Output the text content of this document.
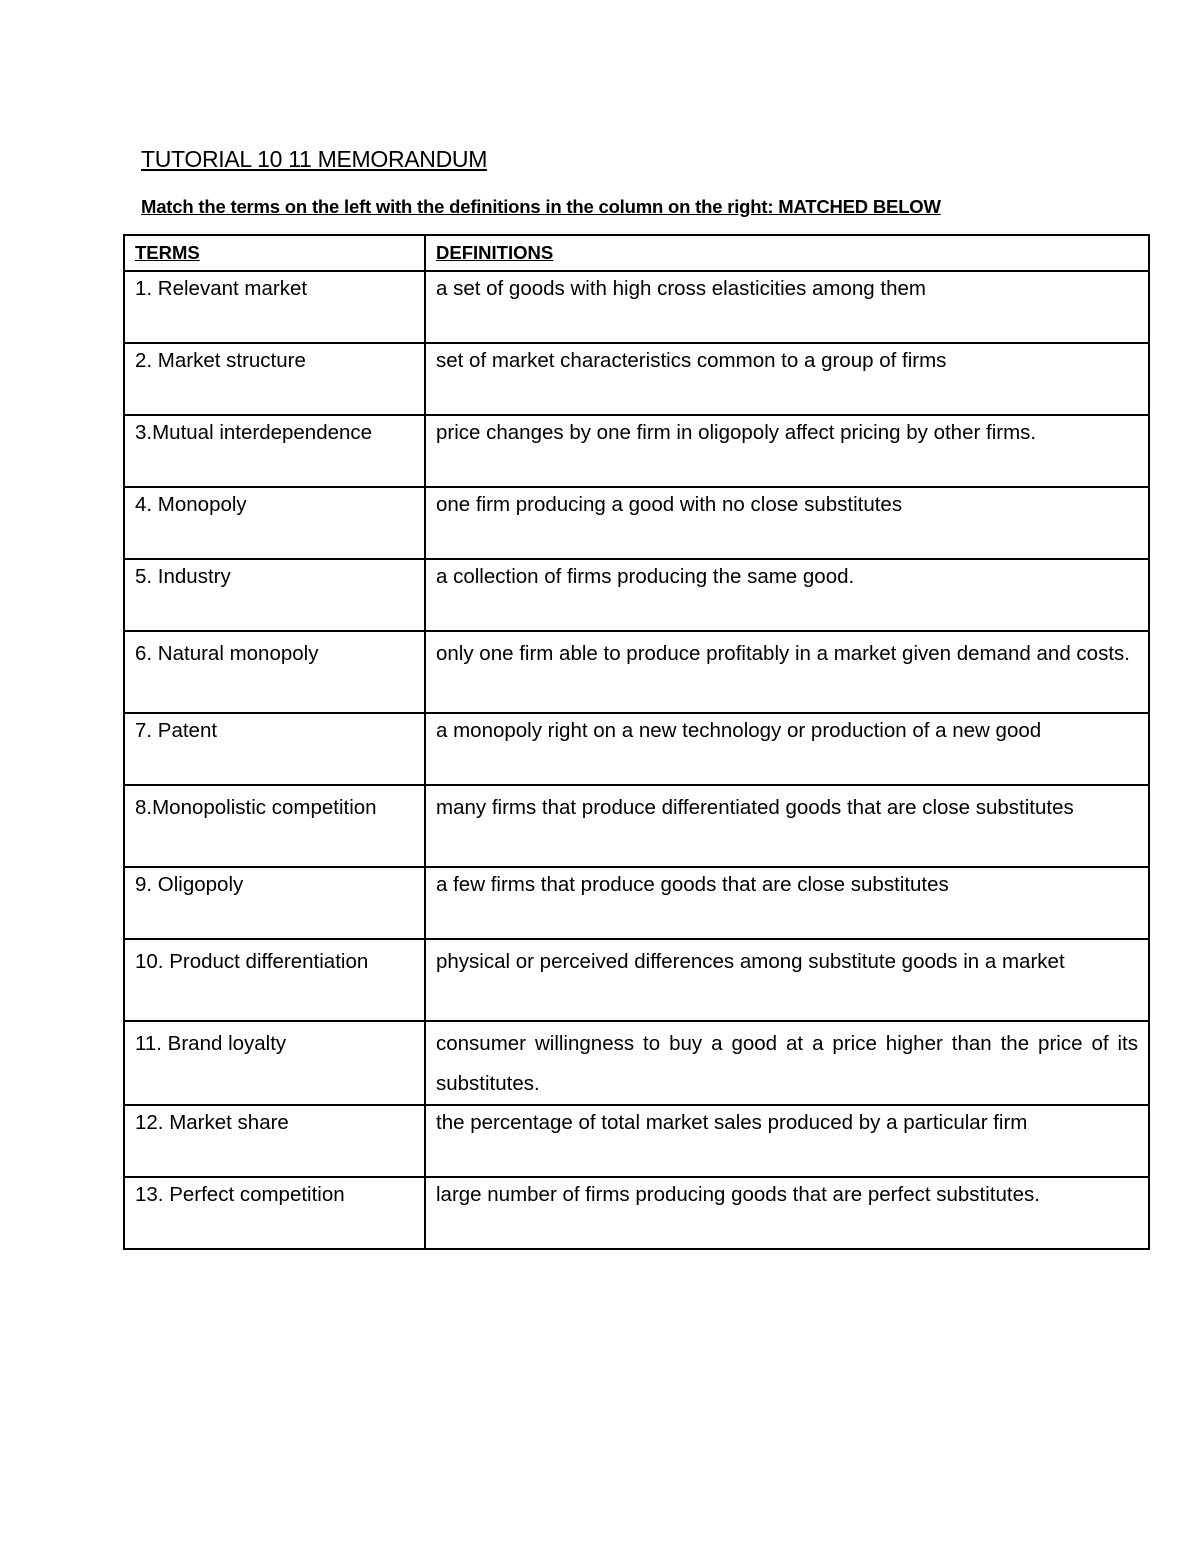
TUTORIAL 10 11 MEMORANDUM
Match the terms on the left with the definitions in the column on the right: MATCHED BELOW
TERMS	DEFINITIONS

1. Relevant market	a set of goods with high cross elasticities among them

2. Market structure	set of market characteristics common to a group of firms

3.Mutual interdependence	price changes by one firm in oligopoly affect pricing by other firms.

4. Monopoly	one firm producing a good with no close substitutes

5. Industry	a collection of firms producing the same good.

6. Natural monopoly	only one firm able to produce profitably in a market given demand and costs.

7. Patent	a monopoly right on a new technology or production of a new good

8.Monopolistic competition	many firms that produce differentiated goods that are close substitutes

9. Oligopoly	a few firms that produce goods that are close substitutes

10. Product differentiation	physical or perceived differences among substitute goods in a market

11. Brand loyalty	consumer willingness to buy a good at a price higher than the price of its substitutes.

12. Market share	the percentage of total market sales produced by a particular firm

13. Perfect competition	large number of firms producing goods that are perfect substitutes.
